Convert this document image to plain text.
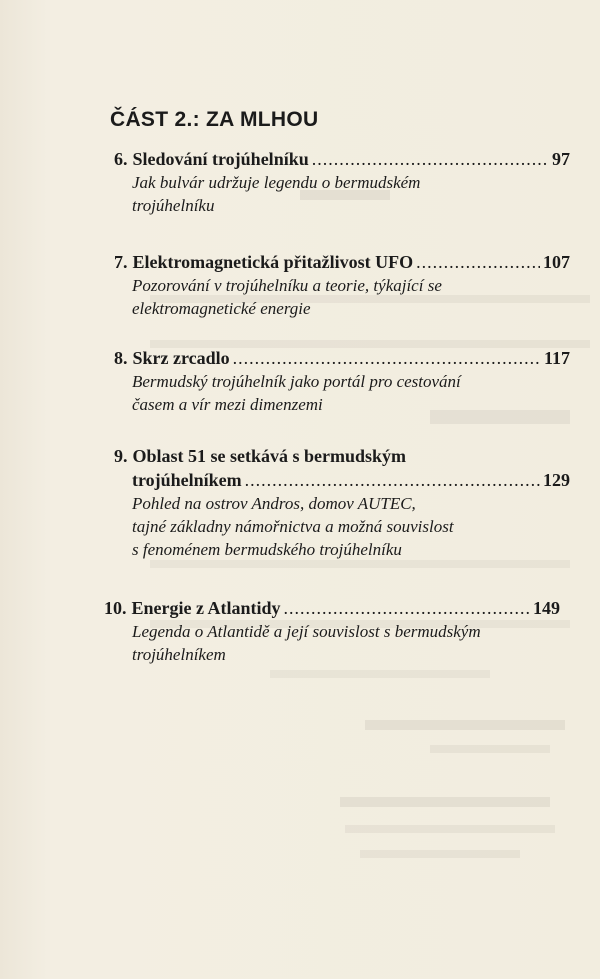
ČÁST 2.: ZA MLHOU
6. Sledování trojúhelníku .....	97
Jak bulvár udržuje legendu o bermudském
trojúhelníku
7. Elektromagnetická přitažlivost UFO .....	107
Pozorování v trojúhelníku a teorie, týkající se
elektromagnetické energie
8. Skrz zrcadlo .....	117
Bermudský trojúhelník jako portál pro cestování
časem a vír mezi dimenzemi
9. Oblast 51 se setkává s bermudským
trojúhelníkem .....	129
Pohled na ostrov Andros, domov AUTEC,
tajné základny námořnictva a možná souvislost
s fenoménem bermudského trojúhelníku
10. Energie z Atlantidy .....	149
Legenda o Atlantidě a její souvislost s bermudským
trojúhelníkem
